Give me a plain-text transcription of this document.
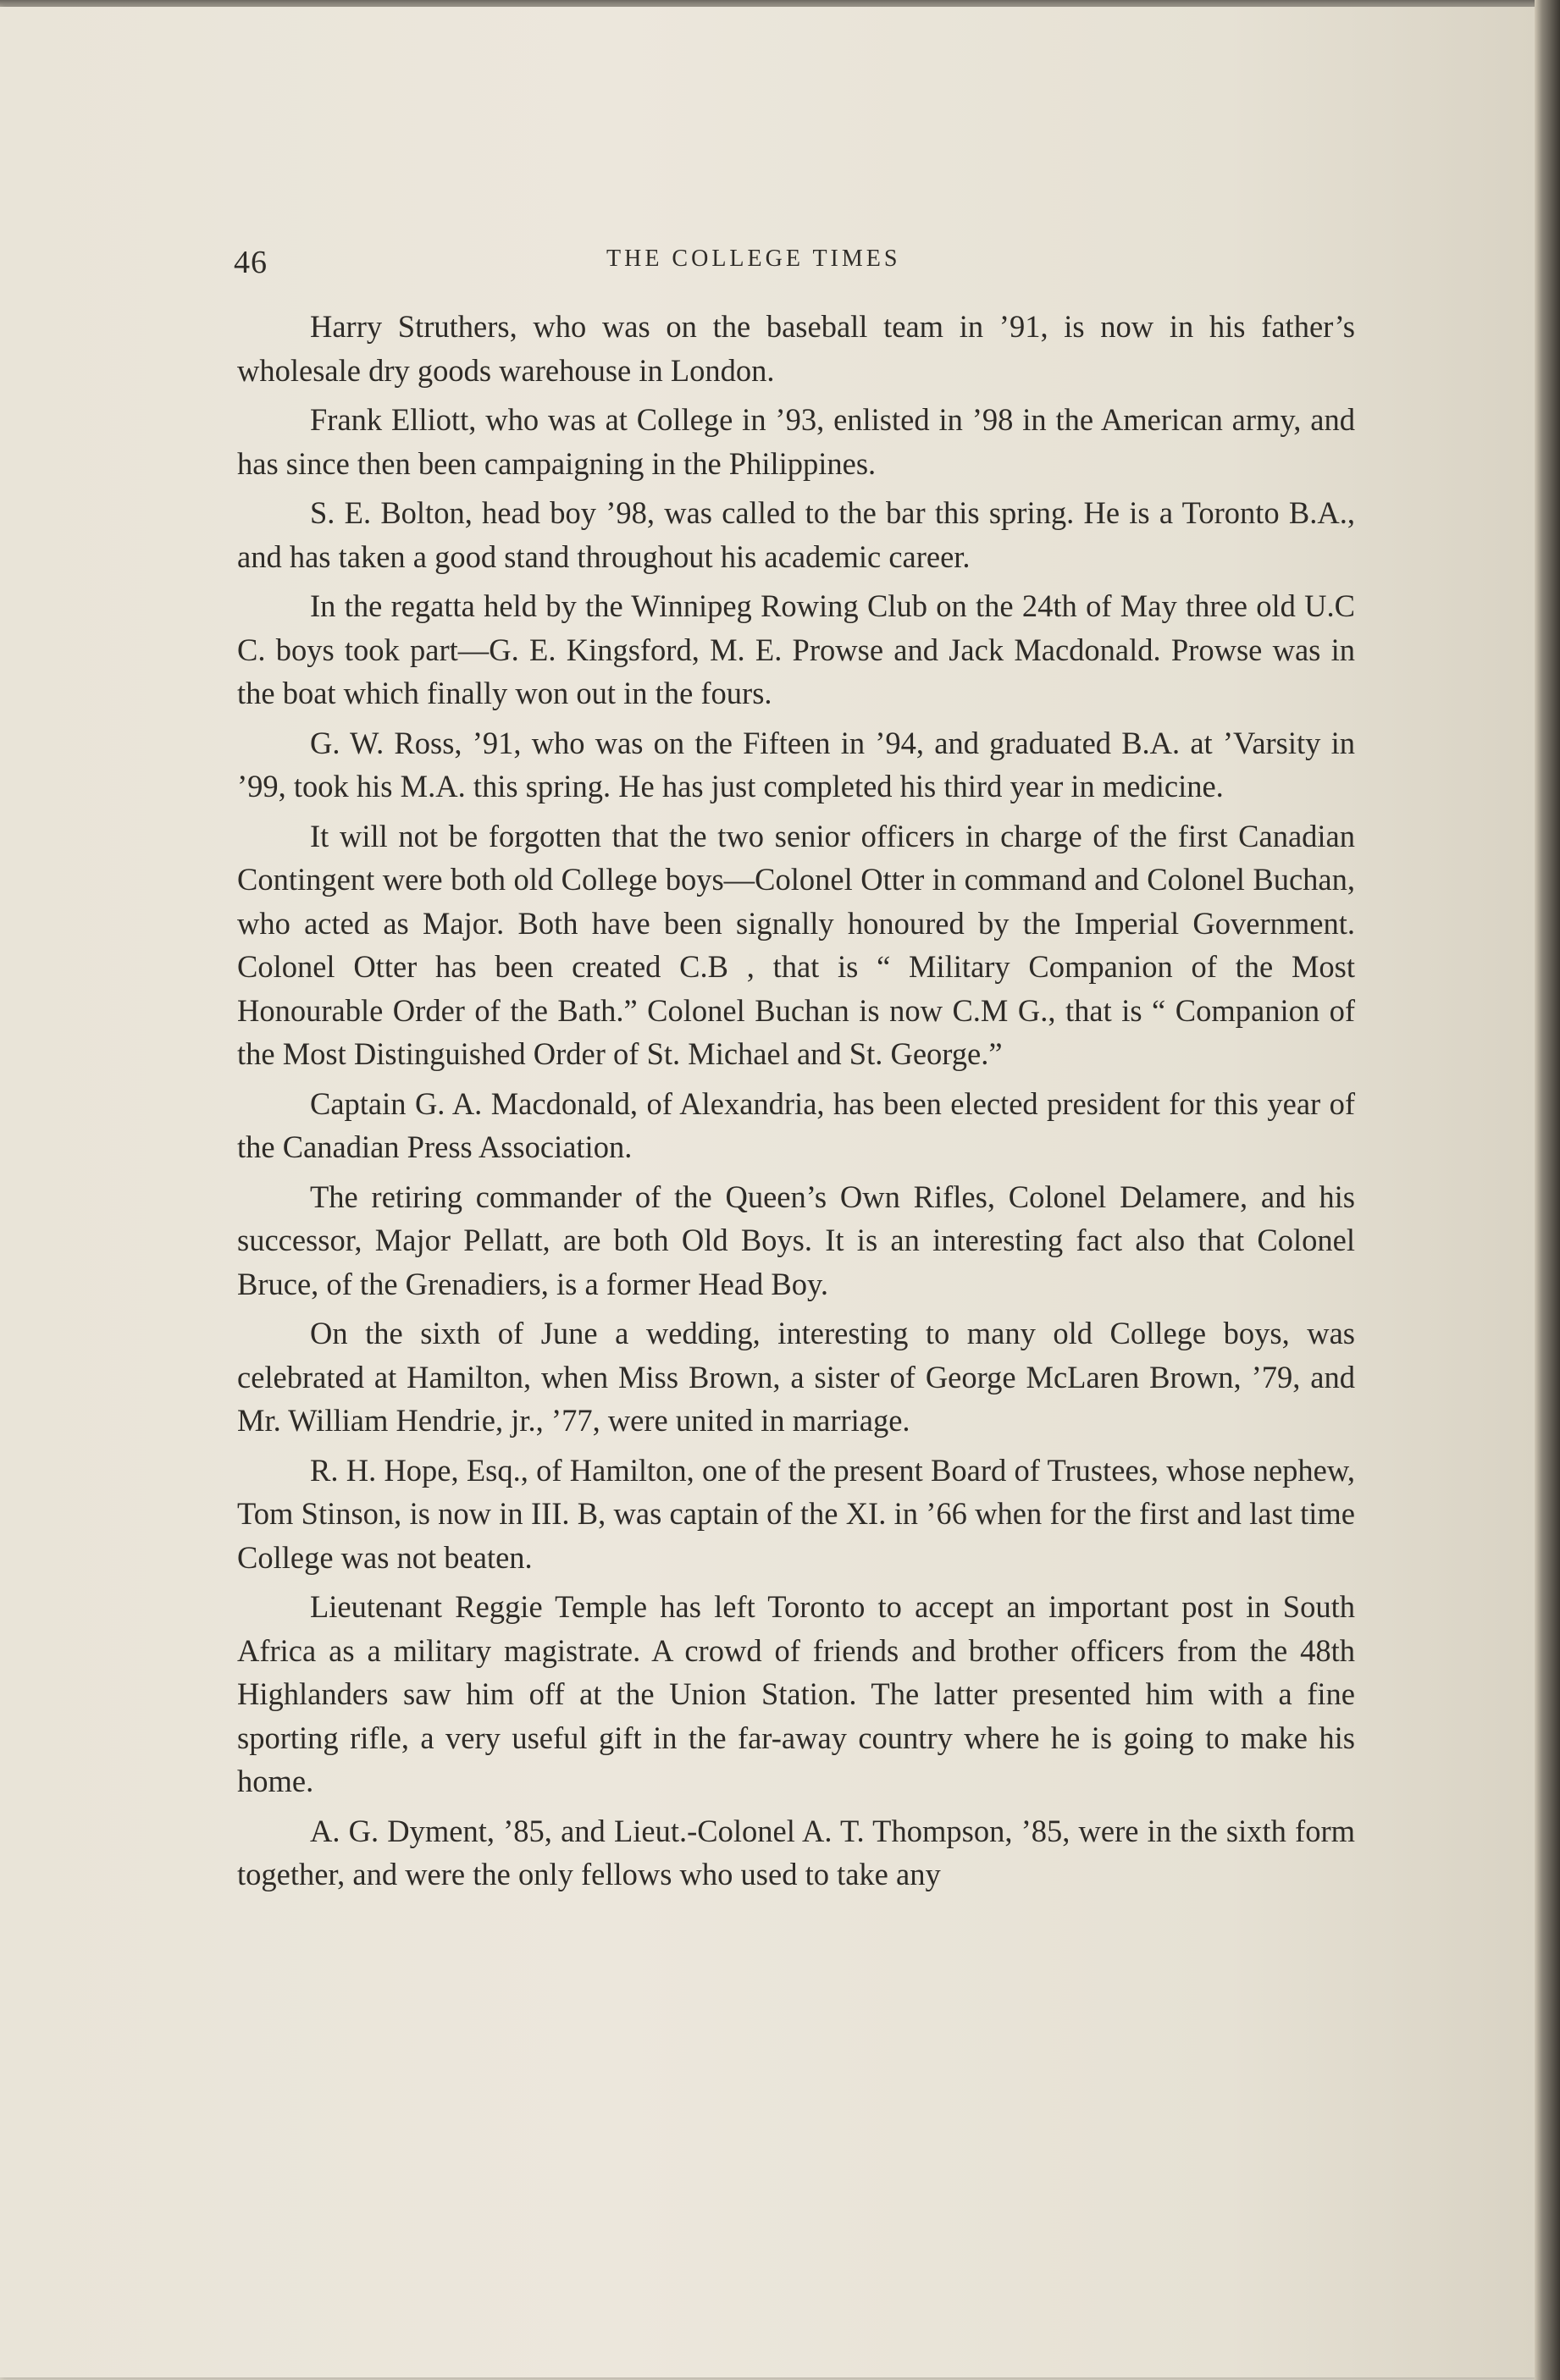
46	THE COLLEGE TIMES

Harry Struthers, who was on the baseball team in ’91, is now in his father’s wholesale dry goods warehouse in London.

Frank Elliott, who was at College in ’93, enlisted in ’98 in the American army, and has since then been campaigning in the Philippines.

S. E. Bolton, head boy ’98, was called to the bar this spring. He is a Toronto B.A., and has taken a good stand throughout his academic career.

In the regatta held by the Winnipeg Rowing Club on the 24th of May three old U.C C. boys took part—G. E. Kingsford, M. E. Prowse and Jack Macdonald. Prowse was in the boat which finally won out in the fours.

G. W. Ross, ’91, who was on the Fifteen in ’94, and graduated B.A. at ’Varsity in ’99, took his M.A. this spring. He has just completed his third year in medicine.

It will not be forgotten that the two senior officers in charge of the first Canadian Contingent were both old College boys—Colonel Otter in command and Colonel Buchan, who acted as Major. Both have been signally honoured by the Imperial Government. Colonel Otter has been created C.B , that is “ Military Companion of the Most Honourable Order of the Bath.” Colonel Buchan is now C.M G., that is “ Companion of the Most Distinguished Order of St. Michael and St. George.”

Captain G. A. Macdonald, of Alexandria, has been elected president for this year of the Canadian Press Association.

The retiring commander of the Queen’s Own Rifles, Colonel Delamere, and his successor, Major Pellatt, are both Old Boys. It is an interesting fact also that Colonel Bruce, of the Grenadiers, is a former Head Boy.

On the sixth of June a wedding, interesting to many old College boys, was celebrated at Hamilton, when Miss Brown, a sister of George McLaren Brown, ’79, and Mr. William Hendrie, jr., ’77, were united in marriage.

R. H. Hope, Esq., of Hamilton, one of the present Board of Trustees, whose nephew, Tom Stinson, is now in III. B, was captain of the XI. in ’66 when for the first and last time College was not beaten.

Lieutenant Reggie Temple has left Toronto to accept an important post in South Africa as a military magistrate. A crowd of friends and brother officers from the 48th Highlanders saw him off at the Union Station. The latter presented him with a fine sporting rifle, a very useful gift in the far-away country where he is going to make his home.

A. G. Dyment, ’85, and Lieut.-Colonel A. T. Thompson, ’85, were in the sixth form together, and were the only fellows who used to take any
